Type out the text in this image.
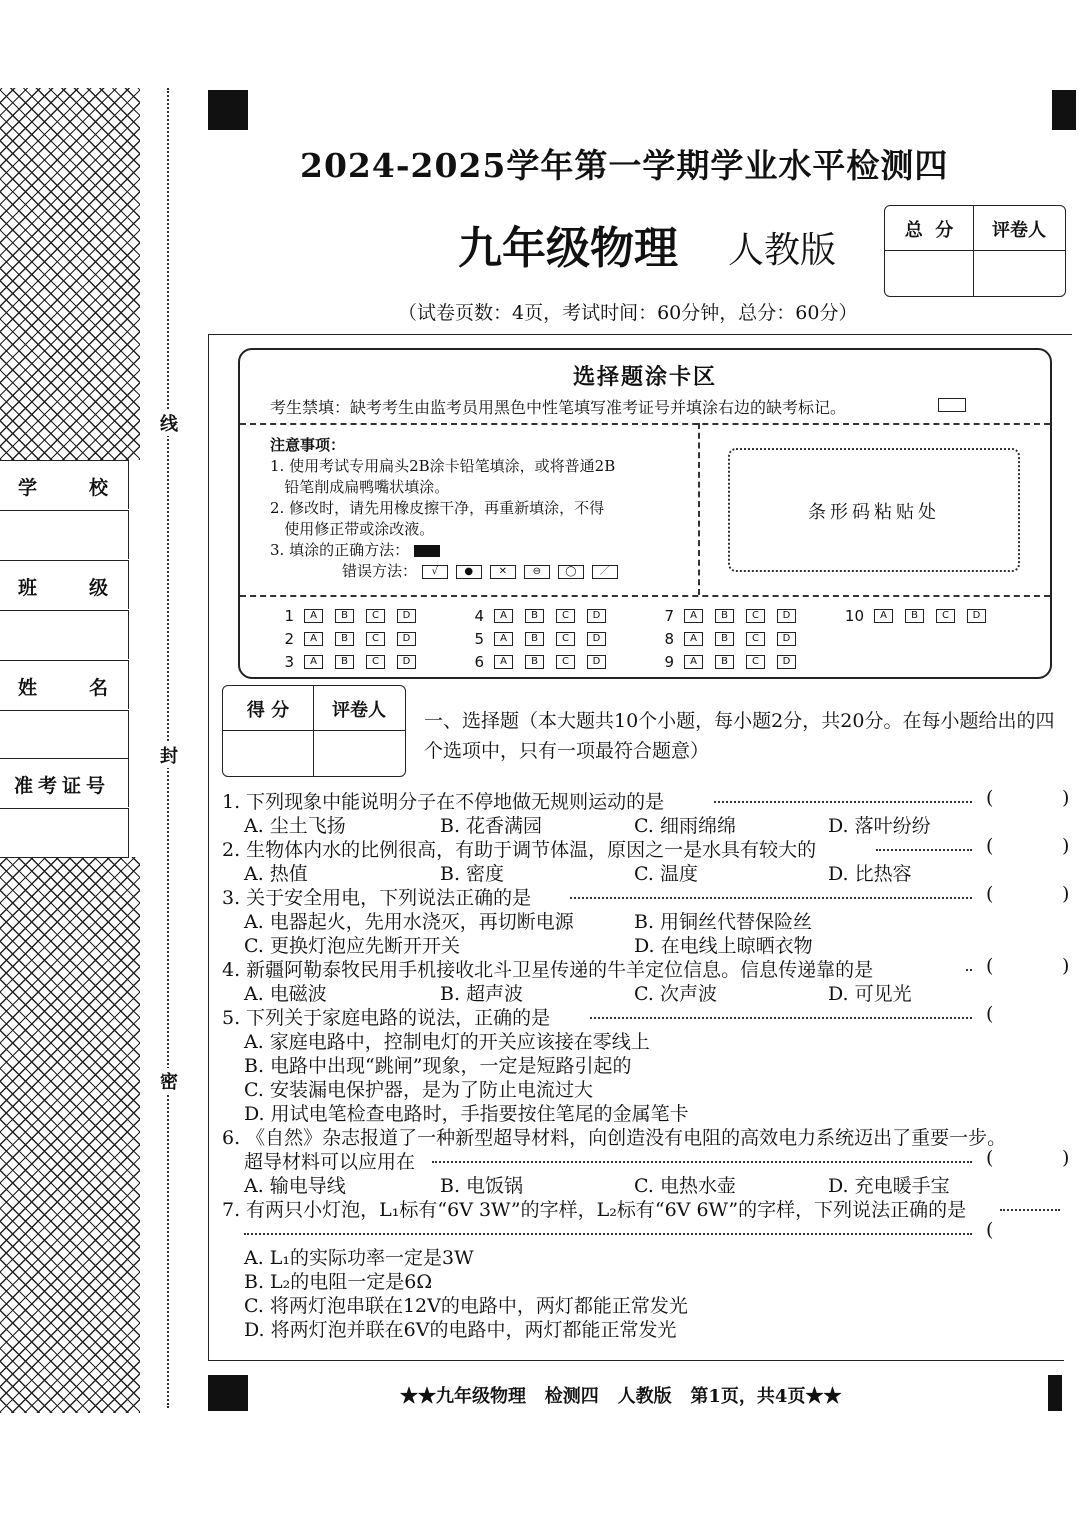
线
封
密
学	校
班	级
姓	名
准考证号
2024-2025学年第一学期学业水平检测四
九年级物理 人教版
（试卷页数：4页，考试时间：60分钟，总分：60分）
总  分	评卷人
选择题涂卡区
考生禁填：缺考考生由监考员用黑色中性笔填写准考证号并填涂右边的缺考标记。
注意事项：
1. 使用考试专用扁头2B涂卡铅笔填涂，或将普通2B
铅笔削成扁鸭嘴状填涂。
2. 修改时，请先用橡皮擦干净，再重新填涂，不得
使用修正带或涂改液。
3. 填涂的正确方法：
错误方法： √	●	✕	⊖ ◯ ／
条形码粘贴处
1 A B C D
2 A B C D
3 A B C D
4 A B C D
5 A B C D
6 A B C D
7 A B C D
8 A B C D
9 A B C D
10 A B C D
得 分	评卷人	一、选择题（本大题共10个小题，每小题2分，共20分。在每小题给出的四
个选项中，只有一项最符合题意）
1. 下列现象中能说明分子在不停地做无规则运动的是	(	)
A. 尘土飞扬	B. 花香满园	C. 细雨绵绵	D. 落叶纷纷
2. 生物体内水的比例很高，有助于调节体温，原因之一是水具有较大的	(	)
A. 热值	B. 密度	C. 温度	D. 比热容
3. 关于安全用电，下列说法正确的是	(	)
A. 电器起火，先用水浇灭，再切断电源	B. 用铜丝代替保险丝
C. 更换灯泡应先断开开关	D. 在电线上晾晒衣物
4. 新疆阿勒泰牧民用手机接收北斗卫星传递的牛羊定位信息。信息传递靠的是	(	)
A. 电磁波	B. 超声波	C. 次声波	D. 可见光
5. 下列关于家庭电路的说法，正确的是	(
A. 家庭电路中，控制电灯的开关应该接在零线上
B. 电路中出现“跳闸”现象，一定是短路引起的
C. 安装漏电保护器，是为了防止电流过大
D. 用试电笔检查电路时，手指要按住笔尾的金属笔卡
6. 《自然》杂志报道了一种新型超导材料，向创造没有电阻的高效电力系统迈出了重要一步。
超导材料可以应用在	(	)
A. 输电导线	B. 电饭锅	C. 电热水壶	D. 充电暖手宝
7. 有两只小灯泡，L₁标有“6V 3W”的字样，L₂标有“6V 6W”的字样，下列说法正确的是
(
A. L₁的实际功率一定是3W
B. L₂的电阻一定是6Ω
C. 将两灯泡串联在12V的电路中，两灯都能正常发光
D. 将两灯泡并联在6V的电路中，两灯都能正常发光
★★九年级物理   检测四   人教版   第1页，共4页★★
